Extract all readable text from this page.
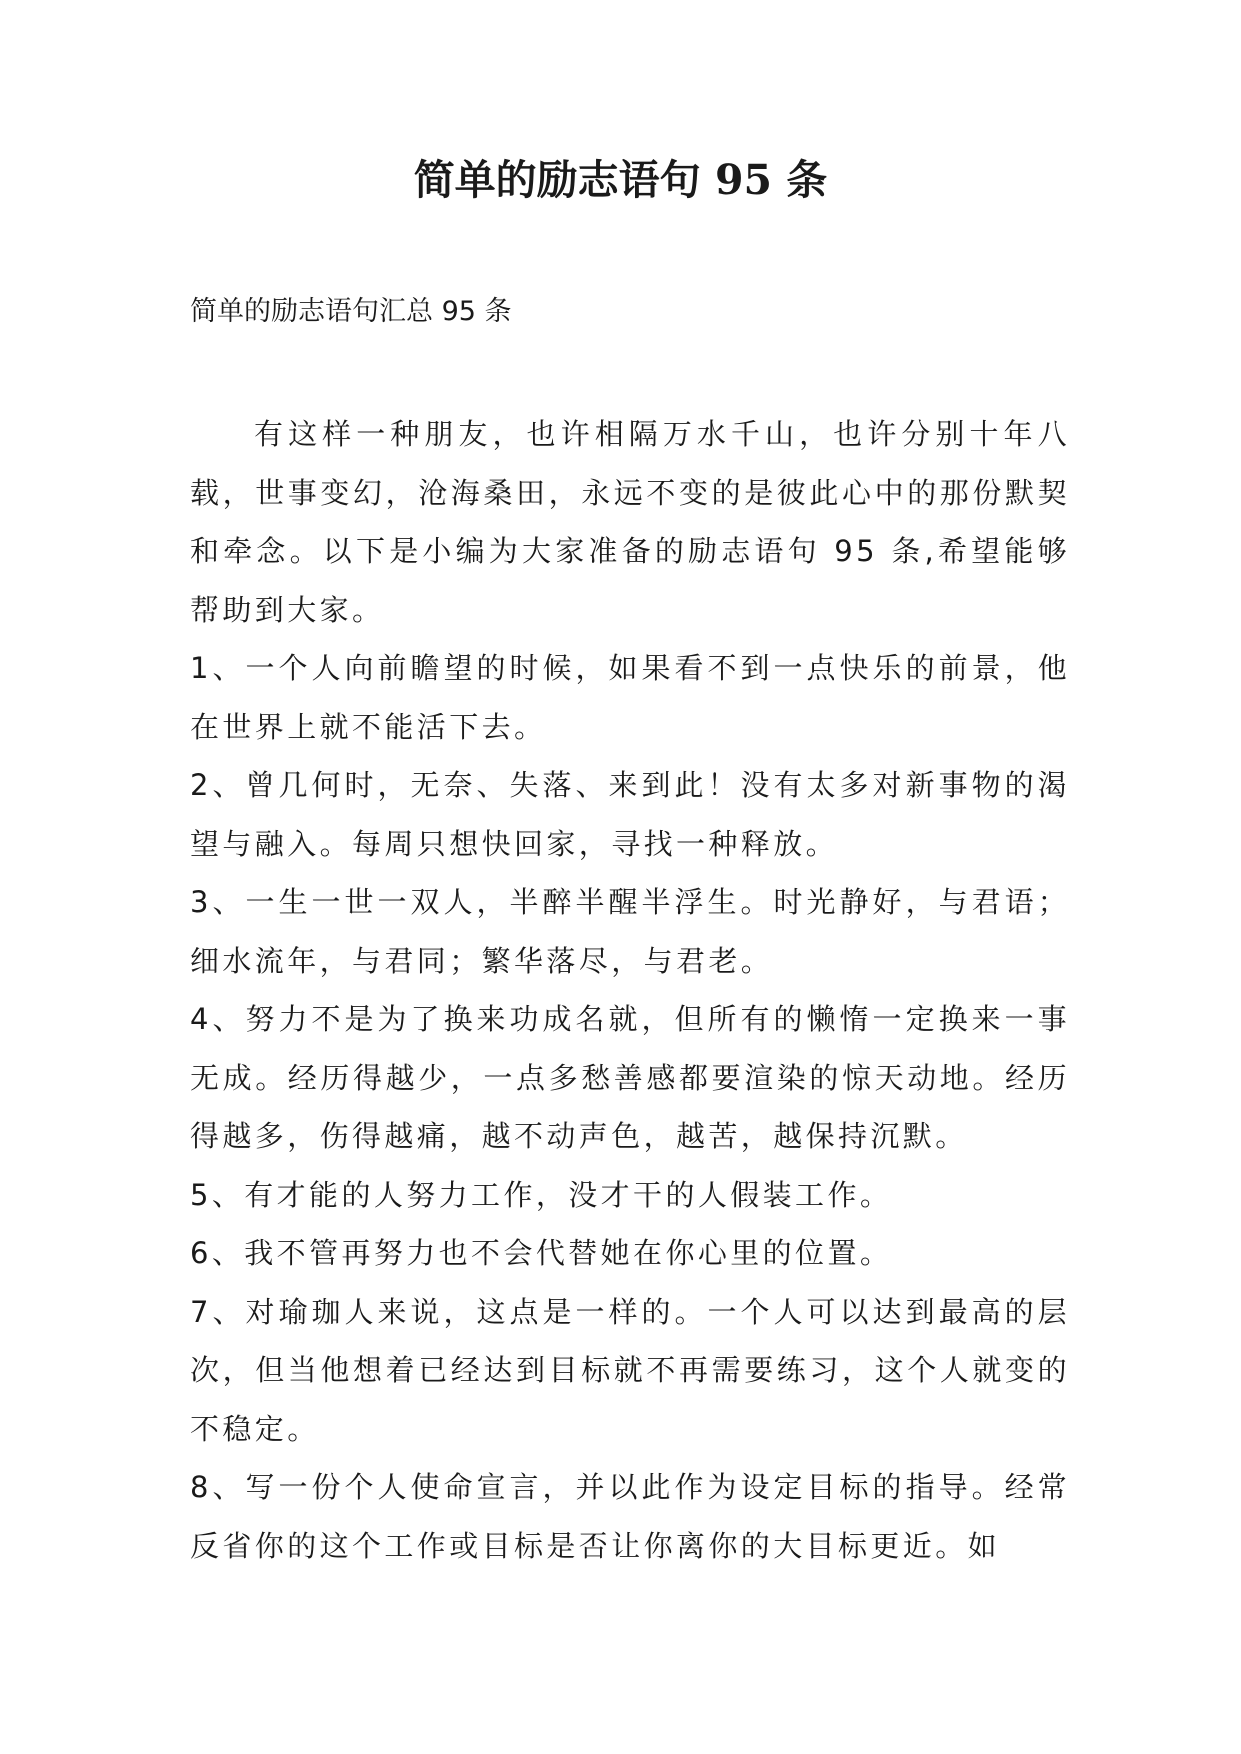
简单的励志语句 95 条

简单的励志语句汇总 95 条

有这样一种朋友，也许相隔万水千山，也许分别十年八载，世事变幻，沧海桑田，永远不变的是彼此心中的那份默契和牵念。以下是小编为大家准备的励志语句 95 条,希望能够帮助到大家。

1、一个人向前瞻望的时候，如果看不到一点快乐的前景，他在世界上就不能活下去。

2、曾几何时，无奈、失落、来到此！没有太多对新事物的渴望与融入。每周只想快回家，寻找一种释放。

3、一生一世一双人，半醉半醒半浮生。时光静好，与君语；细水流年，与君同；繁华落尽，与君老。

4、努力不是为了换来功成名就，但所有的懒惰一定换来一事无成。经历得越少，一点多愁善感都要渲染的惊天动地。经历得越多，伤得越痛，越不动声色，越苦，越保持沉默。

5、有才能的人努力工作，没才干的人假装工作。

6、我不管再努力也不会代替她在你心里的位置。

7、对瑜珈人来说，这点是一样的。一个人可以达到最高的层次，但当他想着已经达到目标就不再需要练习，这个人就变的不稳定。

8、写一份个人使命宣言，并以此作为设定目标的指导。经常反省你的这个工作或目标是否让你离你的大目标更近。如
